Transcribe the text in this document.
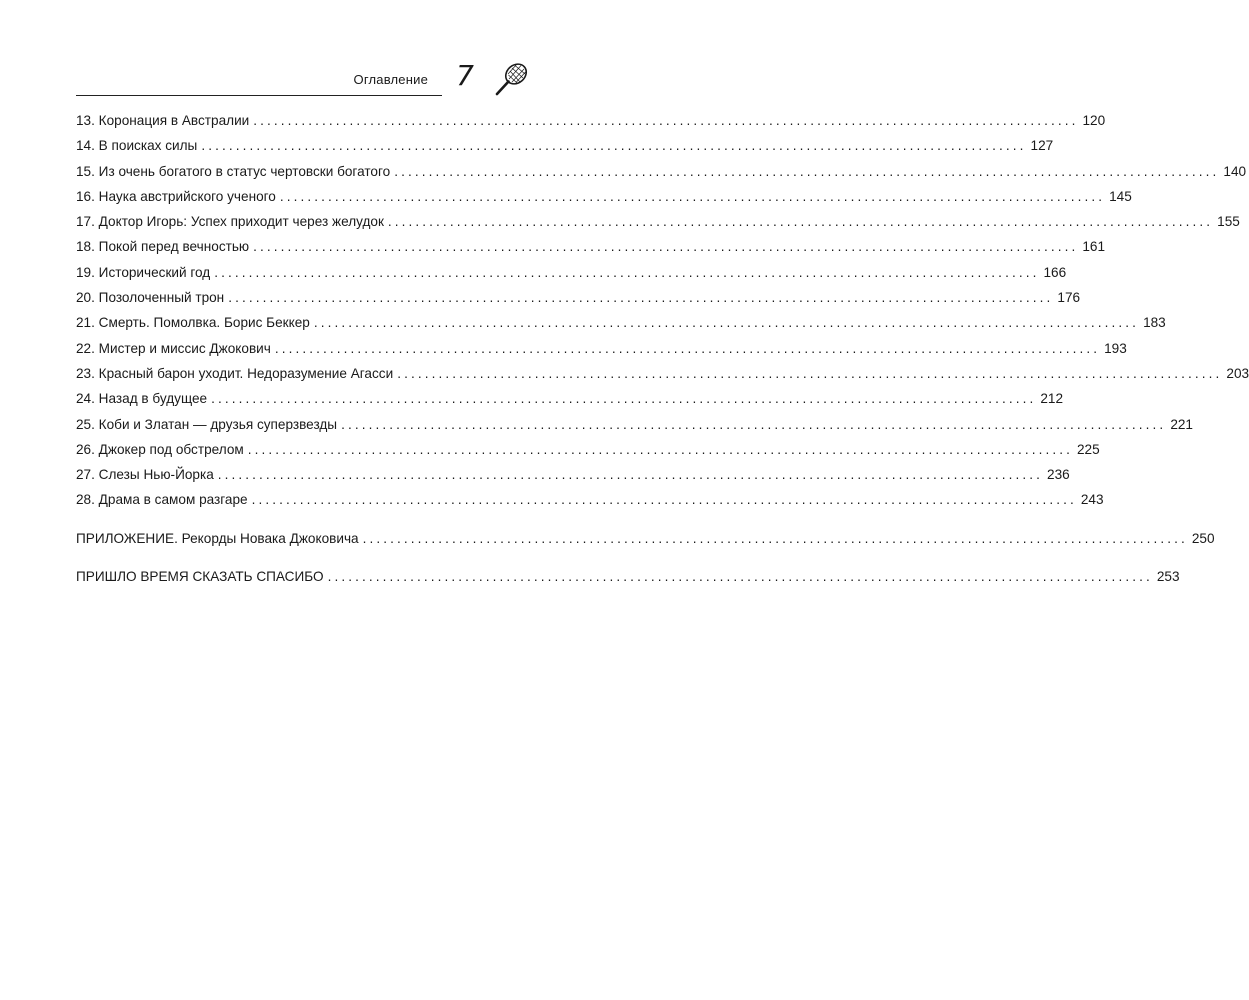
Оглавление 7
13. Коронация в Австралии ........................................................................................................................ 120
14. В поисках силы ........................................................................................................................ 127
15. Из очень богатого в статус чертовски богатого ........................................................................................................................ 140
16. Наука австрийского ученого ........................................................................................................................ 145
17. Доктор Игорь: Успех приходит через желудок ........................................................................................................................ 155
18. Покой перед вечностью ........................................................................................................................ 161
19. Исторический год ........................................................................................................................ 166
20. Позолоченный трон ........................................................................................................................ 176
21. Смерть. Помолвка. Борис Беккер ........................................................................................................................ 183
22. Мистер и миссис Джокович ........................................................................................................................ 193
23. Красный барон уходит. Недоразумение Агасси ........................................................................................................................ 203
24. Назад в будущее ........................................................................................................................ 212
25. Коби и Златан — друзья суперзвезды ........................................................................................................................ 221
26. Джокер под обстрелом ........................................................................................................................ 225
27. Слезы Нью-Йорка ........................................................................................................................ 236
28. Драма в самом разгаре ........................................................................................................................ 243
ПРИЛОЖЕНИЕ. Рекорды Новака Джоковича ........................................................................................................................ 250
ПРИШЛО ВРЕМЯ СКАЗАТЬ СПАСИБО ........................................................................................................................ 253
